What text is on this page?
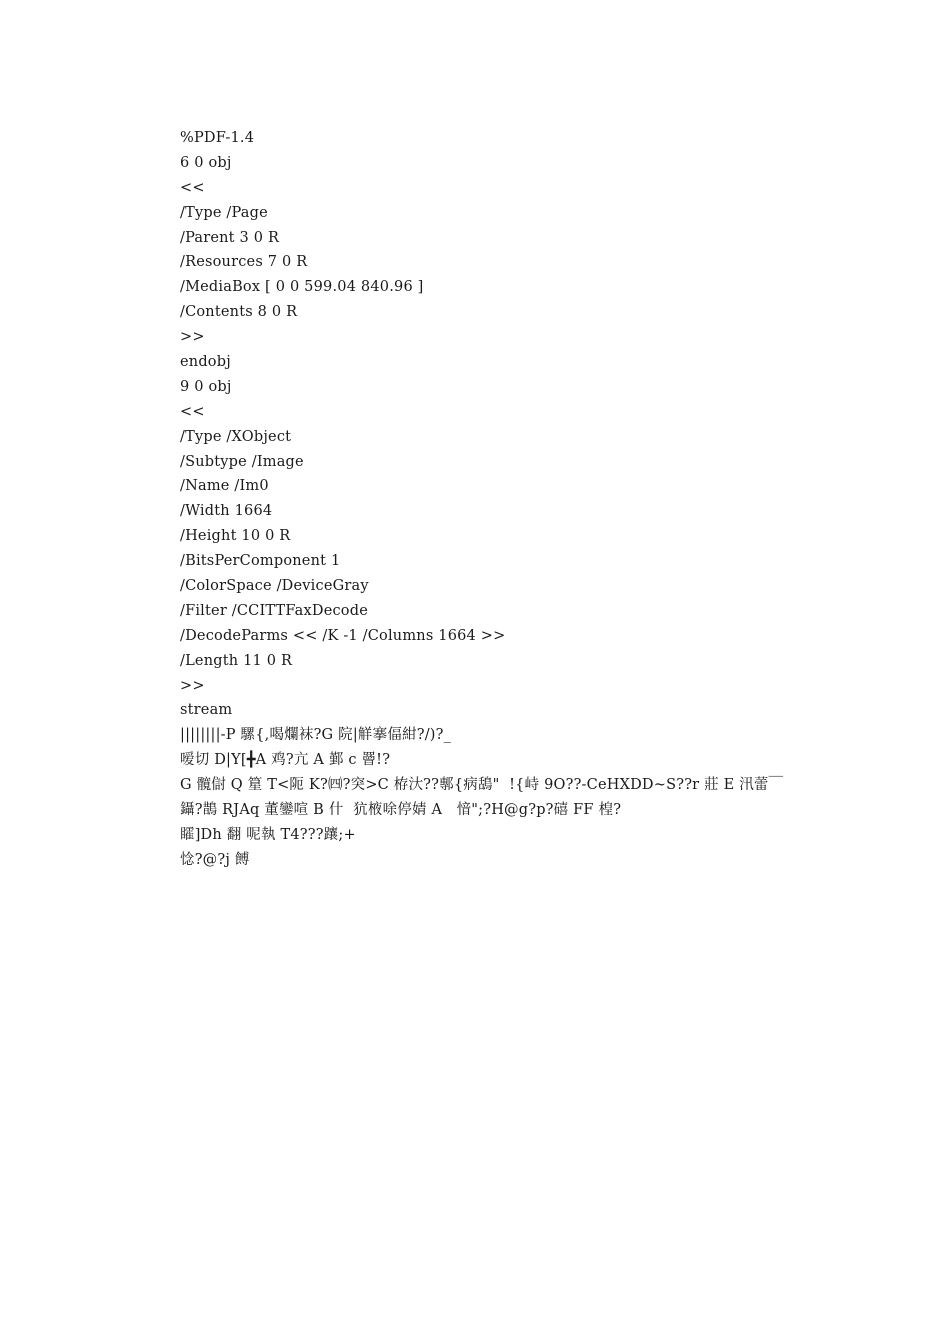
%PDF-1.4
6 0 obj
<<
/Type /Page
/Parent 3 0 R
/Resources 7 0 R
/MediaBox [ 0 0 599.04 840.96 ]
/Contents 8 0 R
>>
endobj
9 0 obj
<<
/Type /XObject
/Subtype /Image
/Name /Im0
/Width 1664
/Height 10 0 R
/BitsPerComponent 1
/ColorSpace /DeviceGray
/Filter /CCITTFaxDecode
/DecodeParms << /K -1 /Columns 1664 >>
/Length 11 0 R
>>
stream
||||||||-P 騾{,喝爛袜?G 院|觧搴偪紺?/)?_
嗳切 D|Y[╋A 鸡?亢 A 鄞 c 罾!?
G 髖傠 Q 篂 T<阨 K?㈣?突>C 栫汏??鄟{病鴰"  !{峙 9O??-CeHXDD~S??r 莊 E 汛蕾￣
鑷?鵲 RJAq 董鑾喧 B 什  犺棭唋停婧 A   愔";?H@g?p?礂 FF 楻?
矐]Dh 翻 呢執 T4???躟;+
惗?@?j 餺
